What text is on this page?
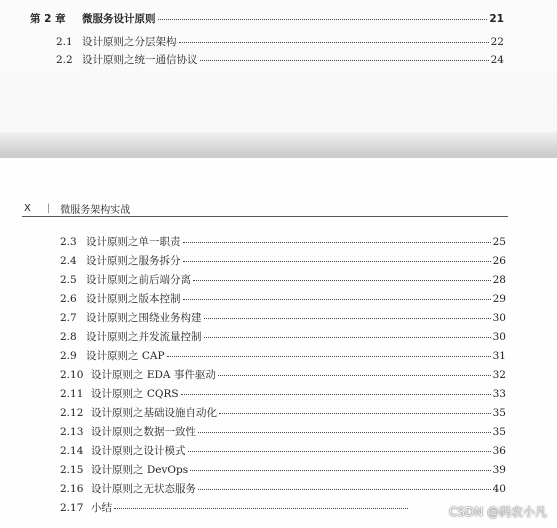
第 2 章	微服务设计原则	21
2.1 设计原则之分层架构	22
2.2 设计原则之统一通信协议	24
X | 微服务架构实战
2.3 设计原则之单一职责	25
2.4 设计原则之服务拆分	26
2.5 设计原则之前后端分离	28
2.6 设计原则之版本控制	29
2.7 设计原则之围绕业务构建	30
2.8 设计原则之并发流量控制	30
2.9 设计原则之 CAP	31
2.10 设计原则之 EDA 事件驱动	32
2.11 设计原则之 CQRS	33
2.12 设计原则之基础设施自动化	35
2.13 设计原则之数据一致性	35
2.14 设计原则之设计模式	36
2.15 设计原则之 DevOps	39
2.16 设计原则之无状态服务	40
2.17 小结	CSDN @码农小凡
